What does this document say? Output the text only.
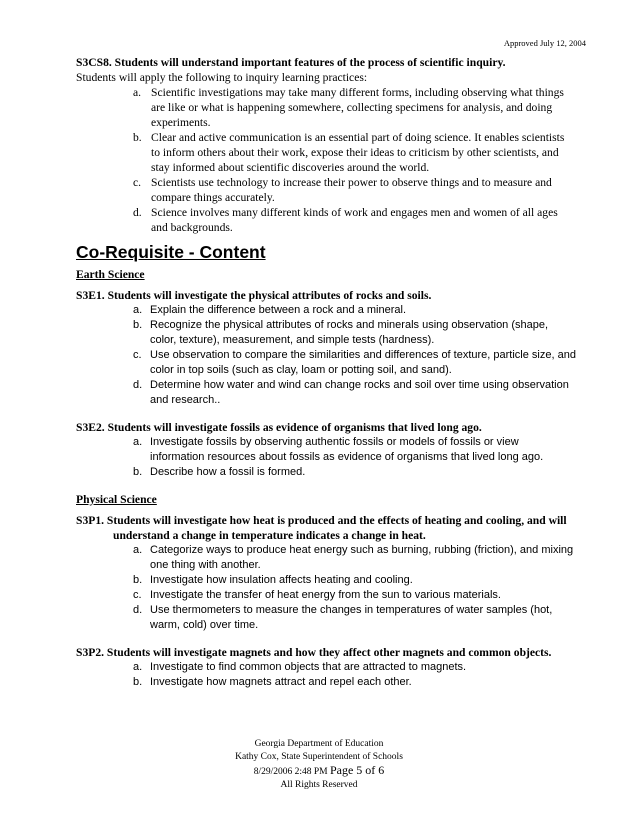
Approved July 12, 2004
S3CS8. Students will understand important features of the process of scientific inquiry.
Students will apply the following to inquiry learning practices:
a. Scientific investigations may take many different forms, including observing what things are like or what is happening somewhere, collecting specimens for analysis, and doing experiments.
b. Clear and active communication is an essential part of doing science. It enables scientists to inform others about their work, expose their ideas to criticism by other scientists, and stay informed about scientific discoveries around the world.
c. Scientists use technology to increase their power to observe things and to measure and compare things accurately.
d. Science involves many different kinds of work and engages men and women of all ages and backgrounds.
Co-Requisite - Content
Earth Science
S3E1. Students will investigate the physical attributes of rocks and soils.
a. Explain the difference between a rock and a mineral.
b. Recognize the physical attributes of rocks and minerals using observation (shape, color, texture), measurement, and simple tests (hardness).
c. Use observation to compare the similarities and differences of texture, particle size, and color in top soils (such as clay, loam or potting soil, and sand).
d. Determine how water and wind can change rocks and soil over time using observation and research..
S3E2. Students will investigate fossils as evidence of organisms that lived long ago.
a. Investigate fossils by observing authentic fossils or models of fossils or view information resources about fossils as evidence of organisms that lived long ago.
b. Describe how a fossil is formed.
Physical Science
S3P1. Students will investigate how heat is produced and the effects of heating and cooling, and will understand a change in temperature indicates a change in heat.
a. Categorize ways to produce heat energy such as burning, rubbing (friction), and mixing one thing with another.
b. Investigate how insulation affects heating and cooling.
c. Investigate the transfer of heat energy from the sun to various materials.
d. Use thermometers to measure the changes in temperatures of water samples (hot, warm, cold) over time.
S3P2. Students will investigate magnets and how they affect other magnets and common objects.
a. Investigate to find common objects that are attracted to magnets.
b. Investigate how magnets attract and repel each other.
Georgia Department of Education
Kathy Cox, State Superintendent of Schools
8/29/2006 2:48 PM Page 5 of 6
All Rights Reserved
